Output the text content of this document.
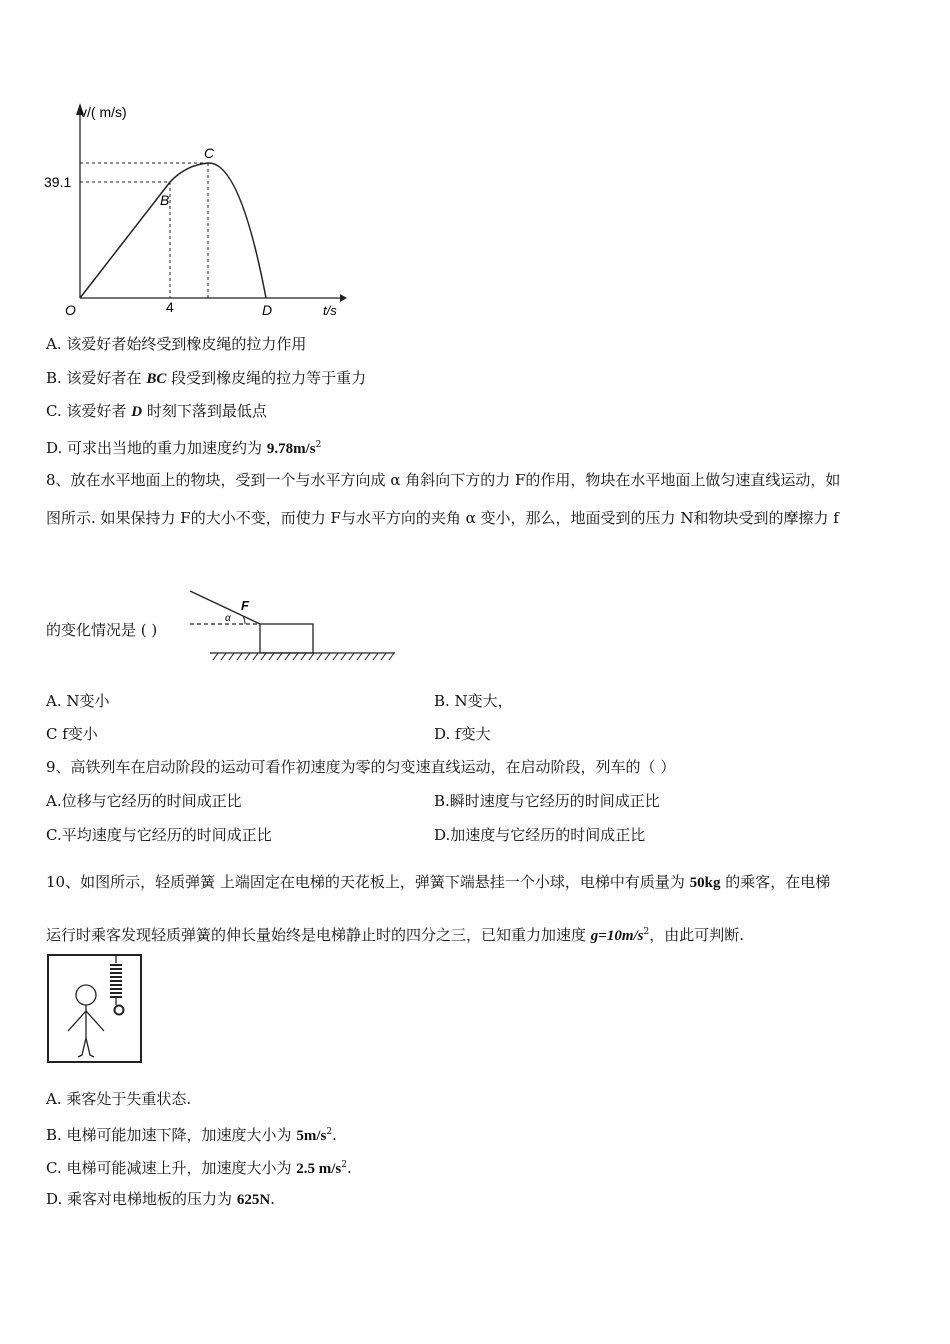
v/( m/s)
t/s
39.1
4
O
B
C
D
A. 该爱好者始终受到橡皮绳的拉力作用
B. 该爱好者在 BC 段受到橡皮绳的拉力等于重力
C. 该爱好者 D 时刻下落到最低点
D. 可求出当地的重力加速度约为 $9.78m/s^2$
8、放在水平地面上的物块，受到一个与水平方向成 α 角斜向下方的力 F的作用，物块在水平地面上做匀速直线运动，如
图所示. 如果保持力 F的大小不变，而使力 F与水平方向的夹角 α 变小，那么，地面受到的压力 N和物块受到的摩擦力 f
的变化情况是 ( )
F
α
A. N变小	B. N变大，
C f变小	D. f变大
9、高铁列车在启动阶段的运动可看作初速度为零的匀变速直线运动，在启动阶段，列车的（ ）
A.位移与它经历的时间成正比	B.瞬时速度与它经历的时间成正比
C.平均速度与它经历的时间成正比	D.加速度与它经历的时间成正比
10、如图所示，轻质弹簧 上端固定在电梯的天花板上，弹簧下端悬挂一个小球，电梯中有质量为 50kg 的乘客，在电梯
运行时乘客发现轻质弹簧的伸长量始终是电梯静止时的四分之三，已知重力加速度 $g=10m/s^2$，由此可判断.
A. 乘客处于失重状态.
B. 电梯可能加速下降，加速度大小为 $5m/s^2$.
C. 电梯可能减速上升，加速度大小为 2.5 $m/s^2$.
D. 乘客对电梯地板的压力为 625N.
